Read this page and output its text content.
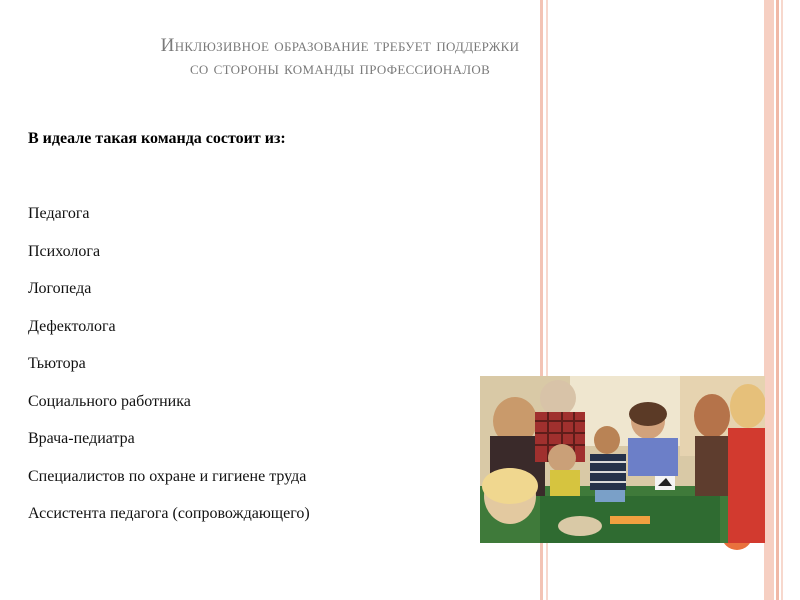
Инклюзивное образование требует поддержки
со стороны команды профессионалов
В идеале такая команда состоит из:
Педагога
Психолога
Логопеда
Дефектолога
Тьютора
Социального работника
Врача-педиатра
Специалистов по охране и гигиене труда
Ассистента педагога (сопровождающего)
